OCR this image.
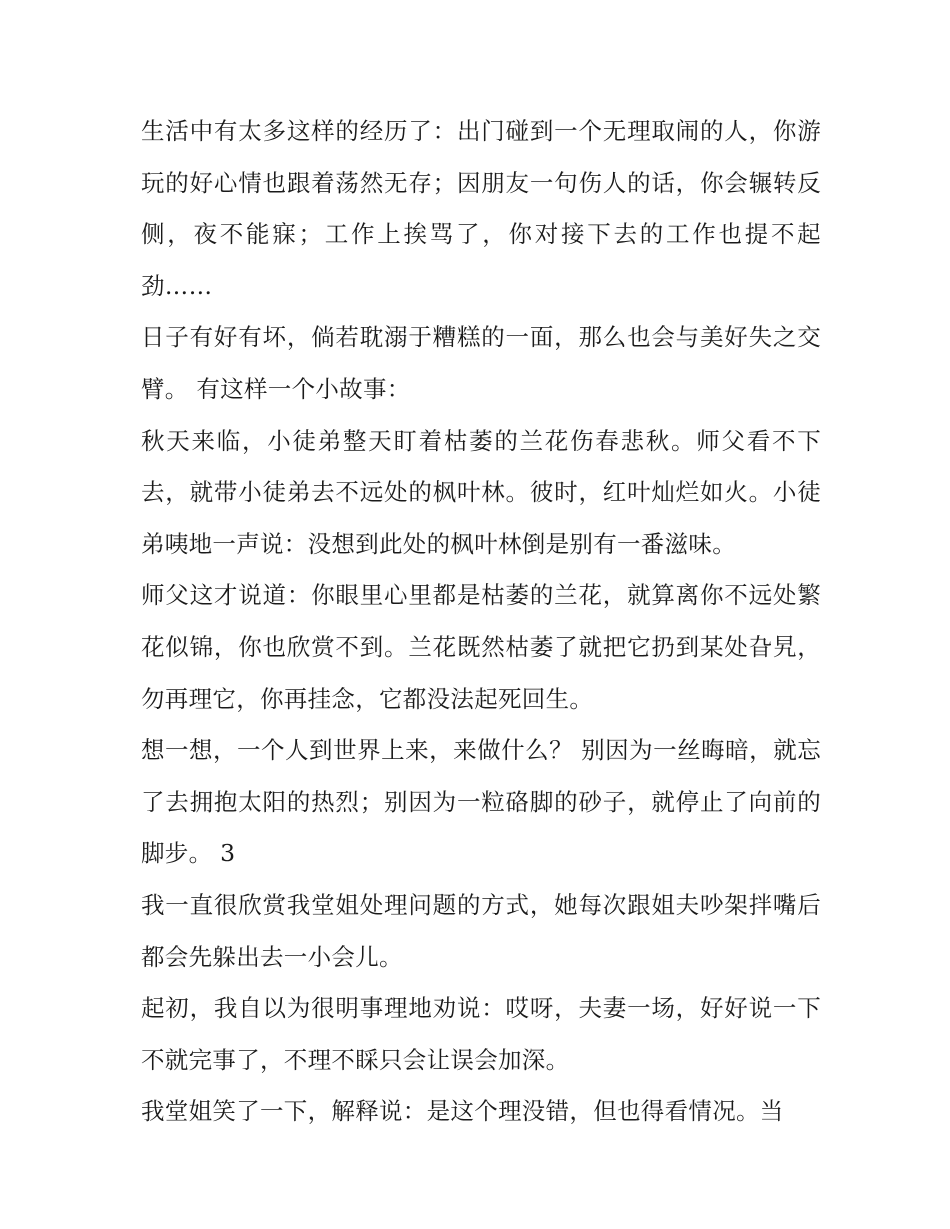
生活中有太多这样的经历了：出门碰到一个无理取闹的人，你游玩的好心情也跟着荡然无存；因朋友一句伤人的话，你会辗转反侧，夜不能寐；工作上挨骂了，你对接下去的工作也提不起劲……

日子有好有坏，倘若耽溺于糟糕的一面，那么也会与美好失之交臂。 有这样一个小故事：

秋天来临，小徒弟整天盯着枯萎的兰花伤春悲秋。师父看不下去，就带小徒弟去不远处的枫叶林。彼时，红叶灿烂如火。小徒弟咦地一声说：没想到此处的枫叶林倒是别有一番滋味。

师父这才说道：你眼里心里都是枯萎的兰花，就算离你不远处繁花似锦，你也欣赏不到。兰花既然枯萎了就把它扔到某处旮旯，勿再理它，你再挂念，它都没法起死回生。

想一想，一个人到世界上来，来做什么？ 别因为一丝晦暗，就忘了去拥抱太阳的热烈；别因为一粒硌脚的砂子，就停止了向前的脚步。 3

我一直很欣赏我堂姐处理问题的方式，她每次跟姐夫吵架拌嘴后都会先躲出去一小会儿。

起初，我自以为很明事理地劝说：哎呀，夫妻一场，好好说一下不就完事了，不理不睬只会让误会加深。

我堂姐笑了一下，解释说：是这个理没错，但也得看情况。当
